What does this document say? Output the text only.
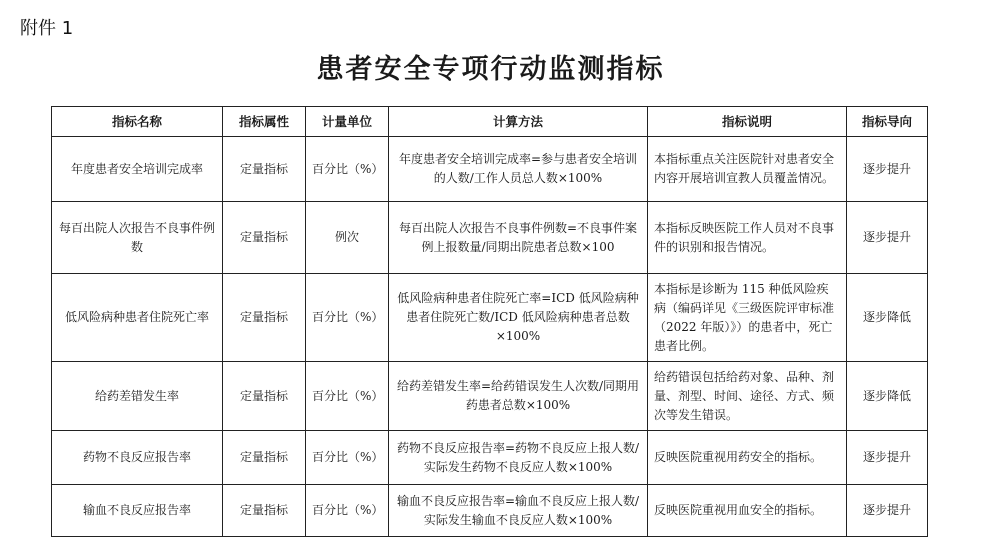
附件 1
患者安全专项行动监测指标
指标名称	指标属性	计量单位	计算方法	指标说明	指标导向
年度患者安全培训完成率	定量指标	百分比（%）	年度患者安全培训完成率=参与患者安全培训的人数/工作人员总人数×100%	本指标重点关注医院针对患者安全内容开展培训宣教人员覆盖情况。	逐步提升
每百出院人次报告不良事件例数	定量指标	例次	每百出院人次报告不良事件例数=不良事件案例上报数量/同期出院患者总数×100	本指标反映医院工作人员对不良事件的识别和报告情况。	逐步提升
低风险病种患者住院死亡率	定量指标	百分比（%）	低风险病种患者住院死亡率=ICD 低风险病种患者住院死亡数/ICD 低风险病种患者总数×100%	本指标是诊断为 115 种低风险疾病（编码详见《三级医院评审标准（2022 年版）》）的患者中，死亡患者比例。	逐步降低
给药差错发生率	定量指标	百分比（%）	给药差错发生率=给药错误发生人次数/同期用药患者总数×100%	给药错误包括给药对象、品种、剂量、剂型、时间、途径、方式、频次等发生错误。	逐步降低
药物不良反应报告率	定量指标	百分比（%）	药物不良反应报告率=药物不良反应上报人数/实际发生药物不良反应人数×100%	反映医院重视用药安全的指标。	逐步提升
输血不良反应报告率	定量指标	百分比（%）	输血不良反应报告率=输血不良反应上报人数/实际发生输血不良反应人数×100%	反映医院重视用血安全的指标。	逐步提升
